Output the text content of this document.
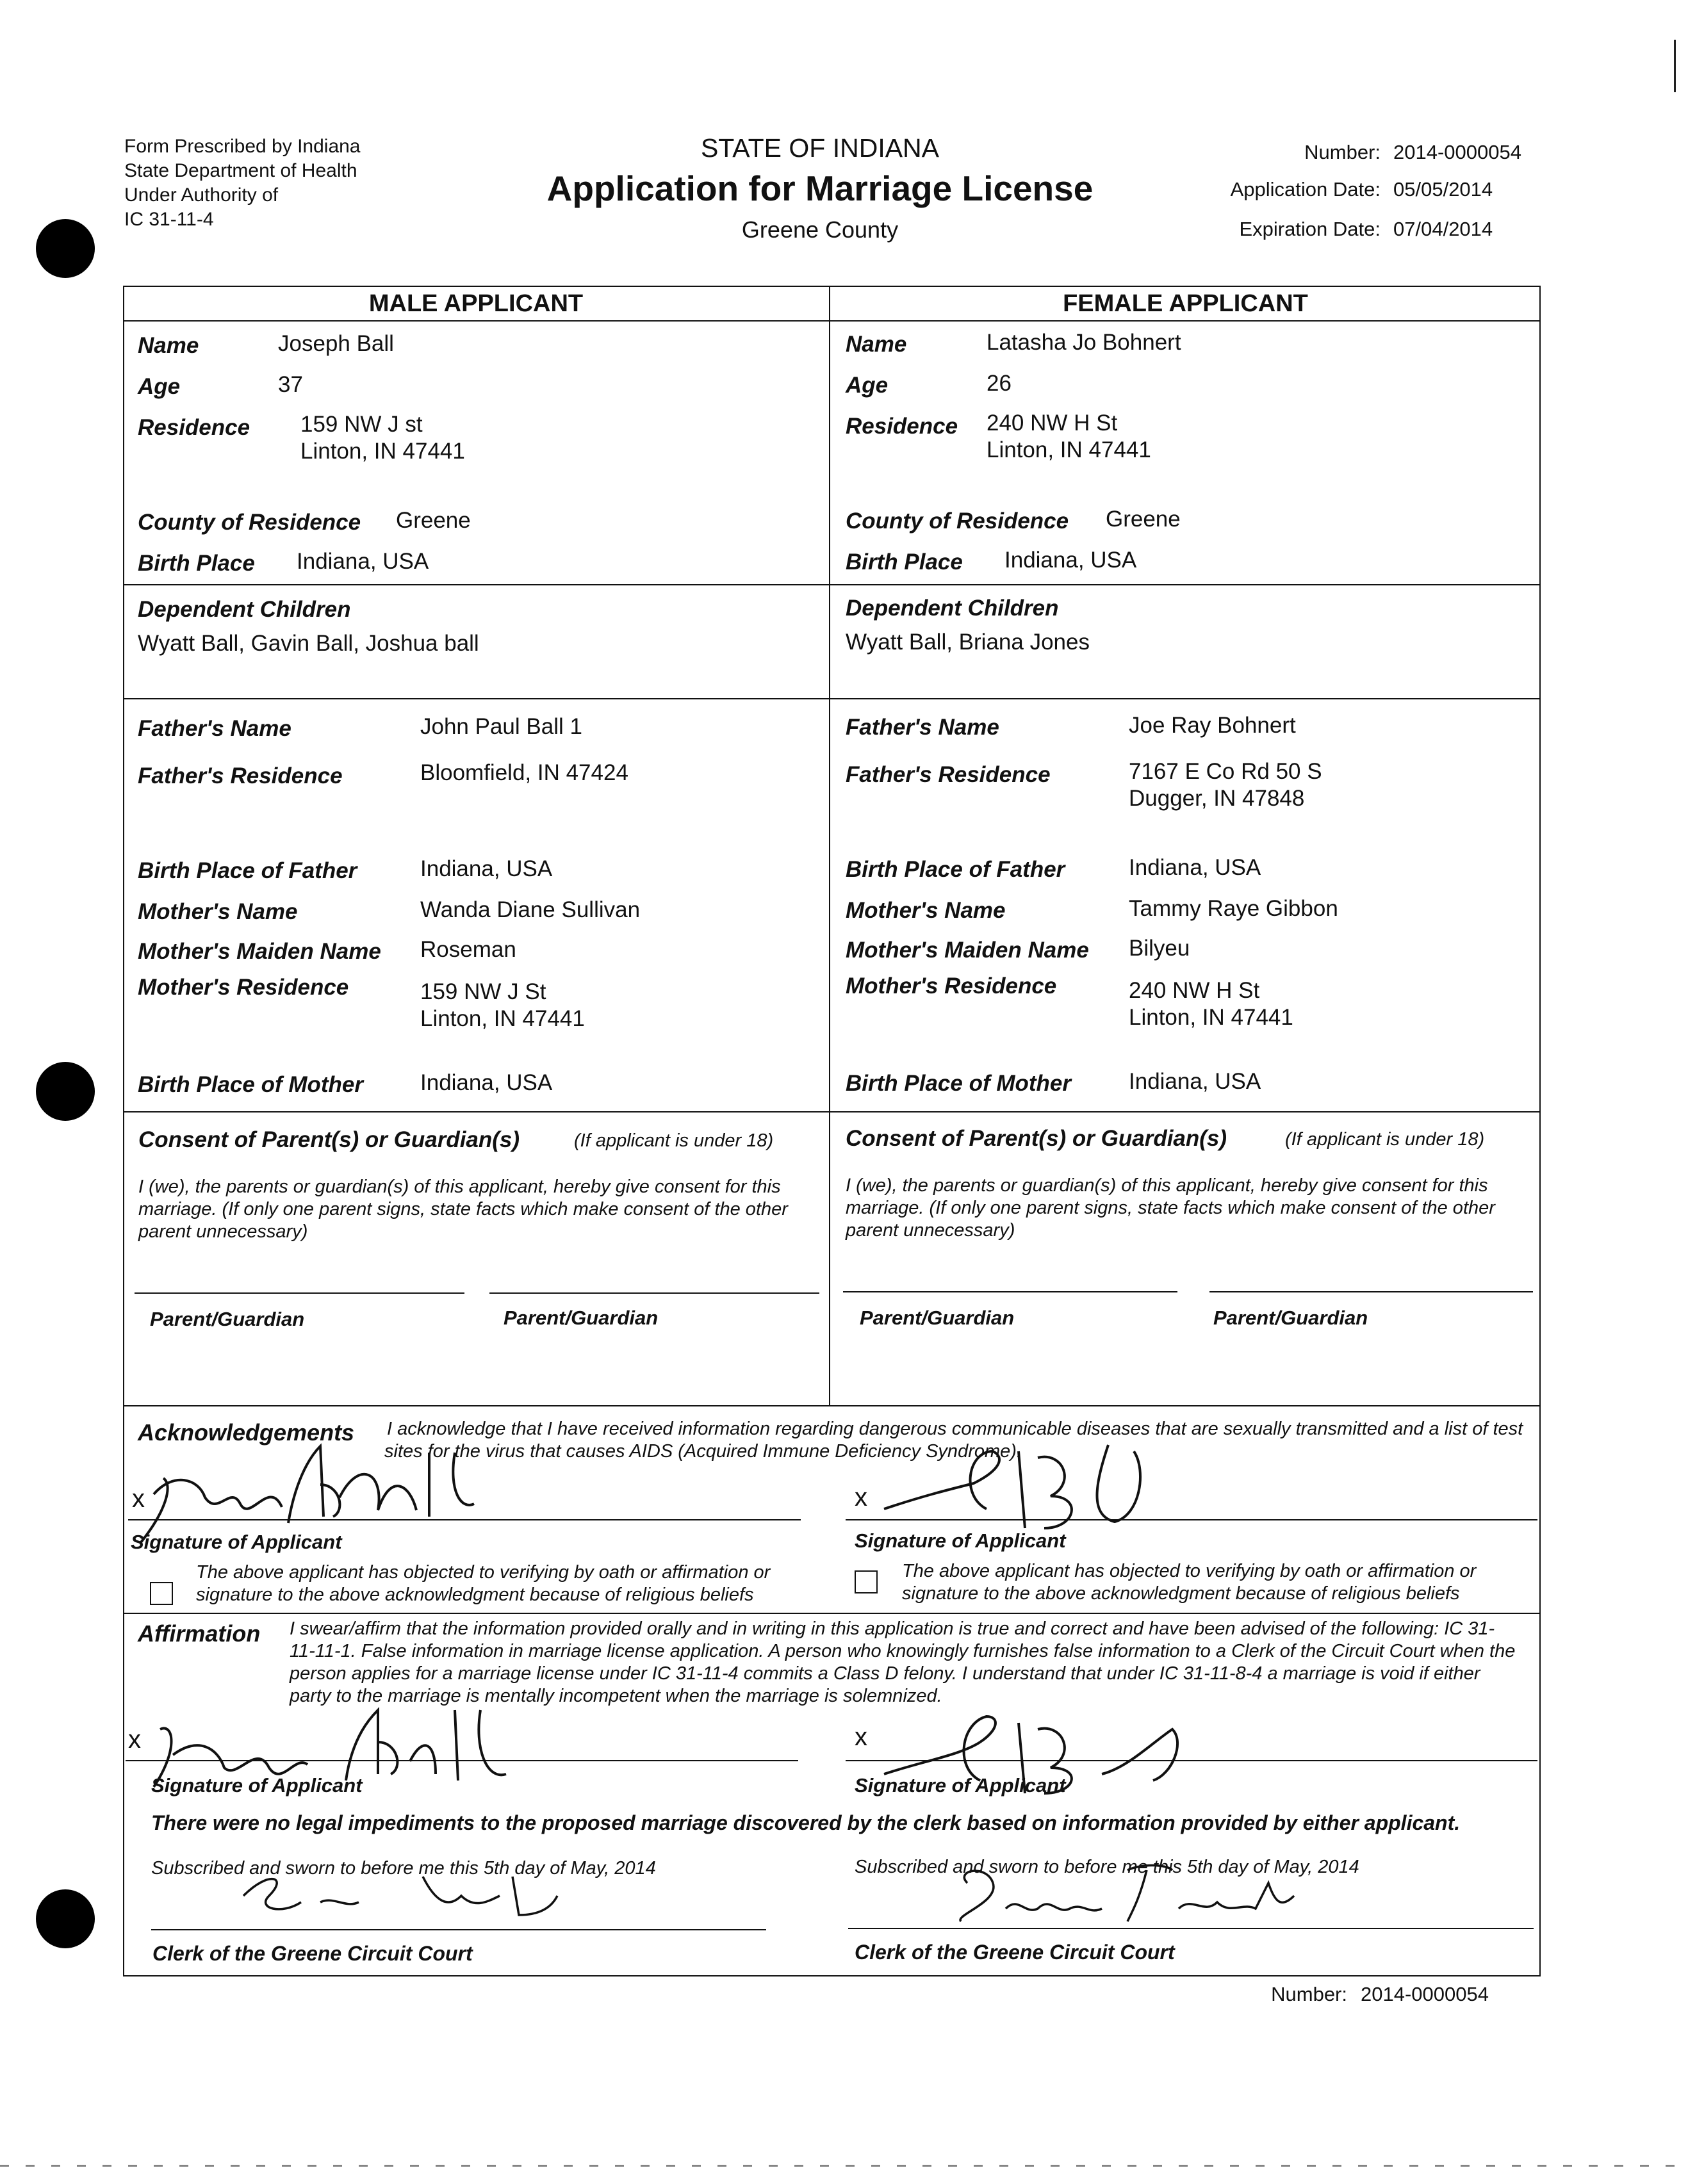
Form Prescribed by Indiana
State Department of Health
Under Authority of
IC 31-11-4
STATE OF INDIANA
Application for Marriage License
Greene County
Number: 2014-0000054
Application Date: 05/05/2014
Expiration Date: 07/04/2014
MALE APPLICANT	FEMALE APPLICANT
Name	Joseph Ball
Age	37
Residence 159 NW J st
Linton, IN 47441
County of Residence Greene
Birth Place Indiana, USA
Dependent Children
Wyatt Ball, Gavin Ball, Joshua ball
Father's Name	John Paul Ball 1
Father's Residence	Bloomfield, IN 47424
Birth Place of Father	Indiana, USA
Mother's Name	Wanda Diane Sullivan
Mother's Maiden Name Roseman
Mother's Residence	159 NW J St
Linton, IN 47441
Birth Place of Mother	Indiana, USA
Name	Latasha Jo Bohnert
Age	26
Residence 240 NW H St
Linton, IN 47441
County of Residence Greene
Birth Place Indiana, USA
Dependent Children
Wyatt Ball, Briana Jones
Father's Name	Joe Ray Bohnert
Father's Residence	7167 E Co Rd 50 S
Dugger, IN 47848
Birth Place of Father	Indiana, USA
Mother's Name	Tammy Raye Gibbon
Mother's Maiden Name Bilyeu
Mother's Residence	240 NW H St
Linton, IN 47441
Birth Place of Mother	Indiana, USA
Consent of Parent(s) or Guardian(s)	(If applicant is under 18)
I (we), the parents or guardian(s) of this applicant, hereby give consent for this marriage. (If only one parent signs, state facts which make consent of the other parent unnecessary)
Parent/Guardian	Parent/Guardian
Consent of Parent(s) or Guardian(s)	(If applicant is under 18)
I (we), the parents or guardian(s) of this applicant, hereby give consent for this marriage. (If only one parent signs, state facts which make consent of the other parent unnecessary)
Parent/Guardian	Parent/Guardian
Acknowledgements I acknowledge that I have received information regarding dangerous communicable diseases that are sexually transmitted and a list of test sites for the virus that causes AIDS (Acquired Immune Deficiency Syndrome).
x	x
Signature of Applicant	Signature of Applicant
The above applicant has objected to verifying by oath or affirmation or signature to the above acknowledgment because of religious beliefs
The above applicant has objected to verifying by oath or affirmation or signature to the above acknowledgment because of religious beliefs
Affirmation I swear/affirm that the information provided orally and in writing in this application is true and correct and have been advised of the following: IC 31-11-11-1. False information in marriage license application. A person who knowingly furnishes false information to a Clerk of the Circuit Court when the person applies for a marriage license under IC 31-11-4 commits a Class D felony. I understand that under IC 31-11-8-4 a marriage is void if either party to the marriage is mentally incompetent when the marriage is solemnized.
x	x
Signature of Applicant	Signature of Applicant
There were no legal impediments to the proposed marriage discovered by the clerk based on information provided by either applicant.
Subscribed and sworn to before me this 5th day of May, 2014	Subscribed and sworn to before me this 5th day of May, 2014
Clerk of the Greene Circuit Court	Clerk of the Greene Circuit Court
Number: 2014-0000054
